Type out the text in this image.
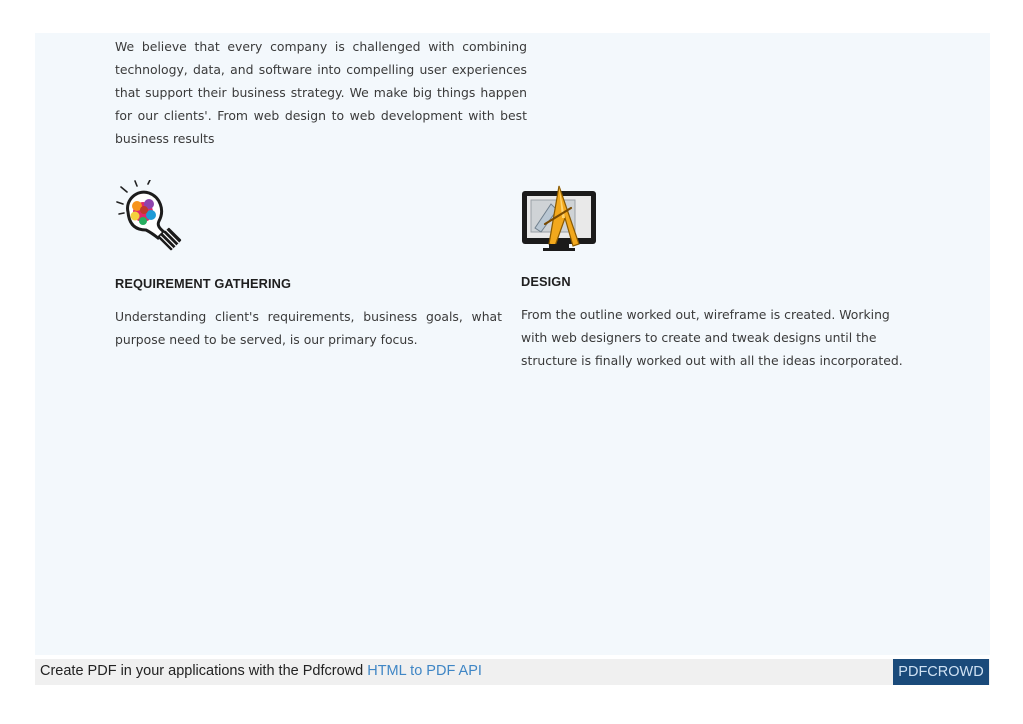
We believe that every company is challenged with combining technology, data, and software into compelling user experiences that support their business strategy. We make big things happen for our clients'. From web design to web development with best business results

REQUIREMENT GATHERING

Understanding client's requirements, business goals, what purpose need to be served, is our primary focus.

DESIGN

From the outline worked out, wireframe is created. Working with web designers to create and tweak designs until the structure is finally worked out with all the ideas incorporated.

Create PDF in your applications with the Pdfcrowd HTML to PDF API	PDFCROWD
